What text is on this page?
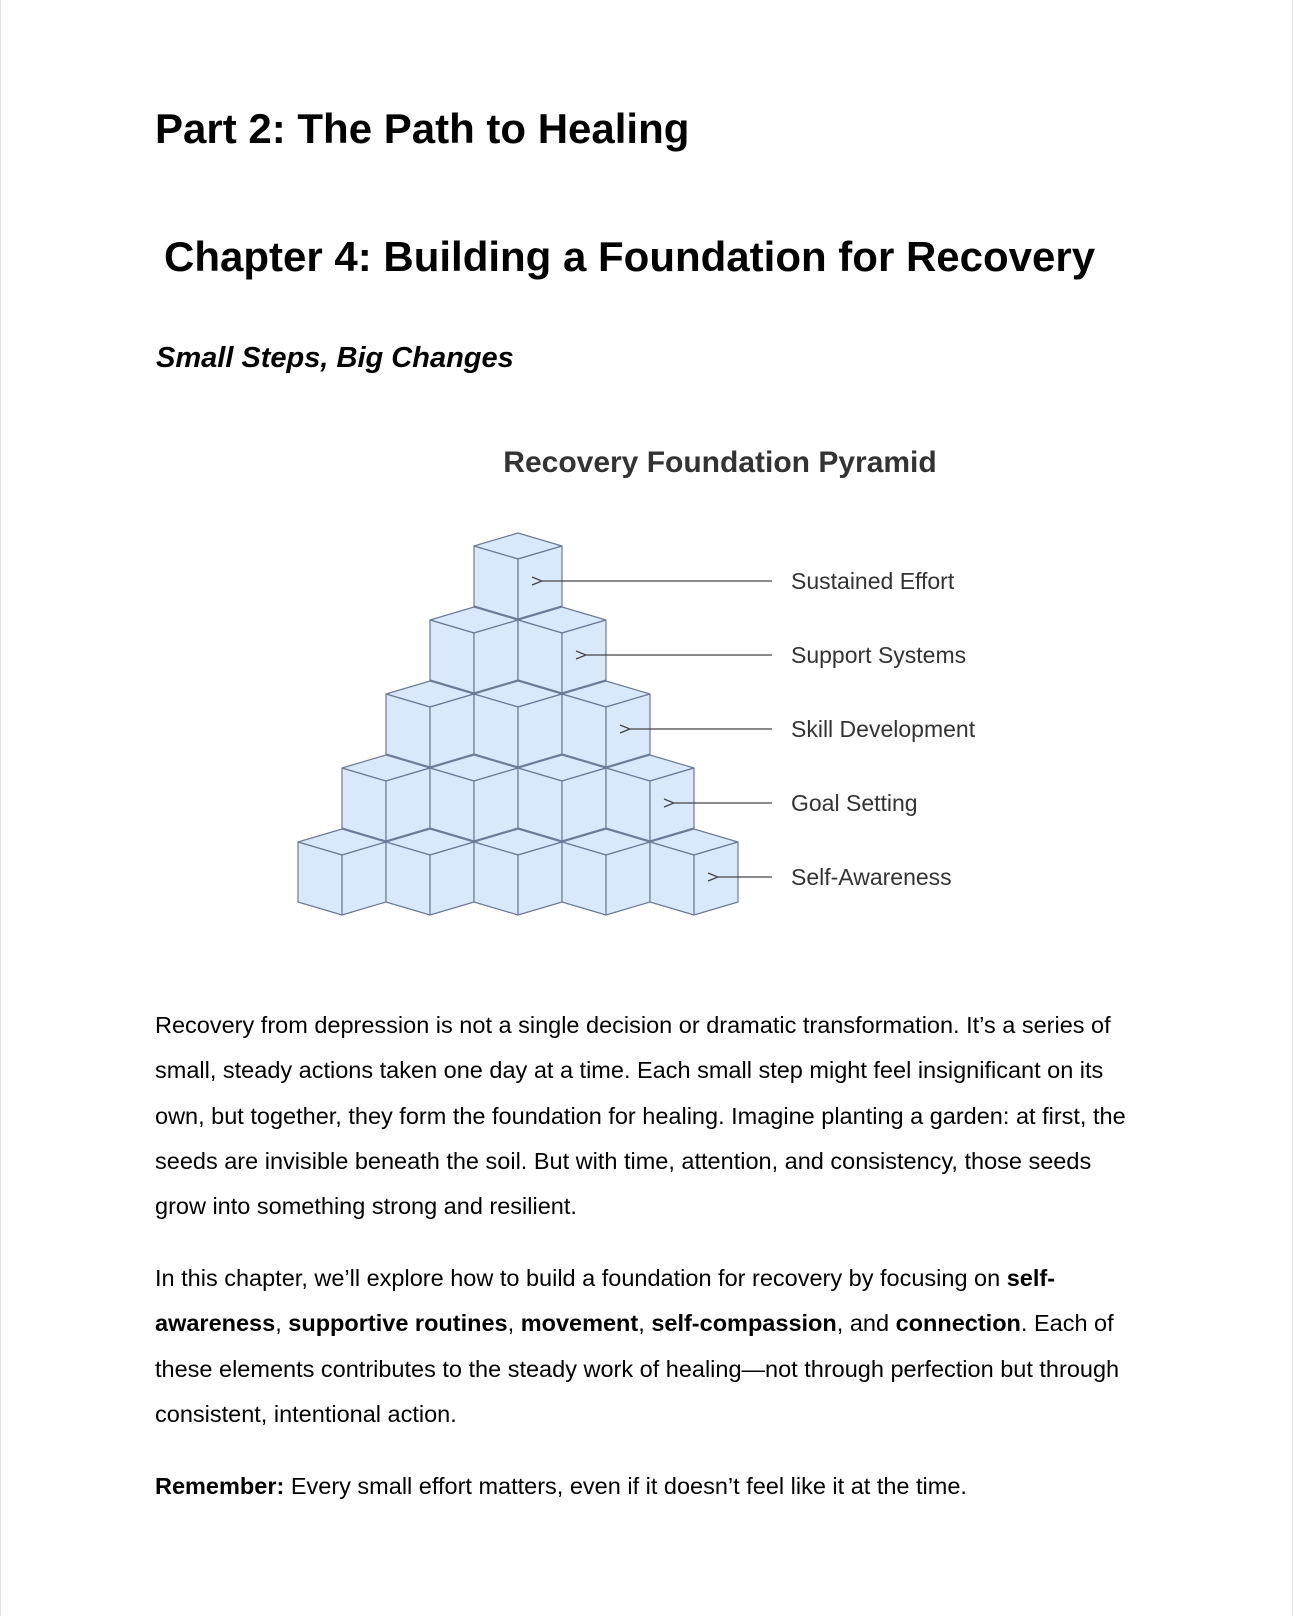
Part 2: The Path to Healing
Chapter 4: Building a Foundation for Recovery
Small Steps, Big Changes
Recovery Foundation Pyramid
Self-Awareness
Goal Setting
Skill Development
Support Systems
Sustained Effort

Recovery from depression is not a single decision or dramatic transformation. It’s a series of small, steady actions taken one day at a time. Each small step might feel insignificant on its own, but together, they form the foundation for healing. Imagine planting a garden: at first, the seeds are invisible beneath the soil. But with time, attention, and consistency, those seeds grow into something strong and resilient.

In this chapter, we’ll explore how to build a foundation for recovery by focusing on self-awareness, supportive routines, movement, self-compassion, and connection. Each of these elements contributes to the steady work of healing—not through perfection but through consistent, intentional action.

Remember: Every small effort matters, even if it doesn’t feel like it at the time.
